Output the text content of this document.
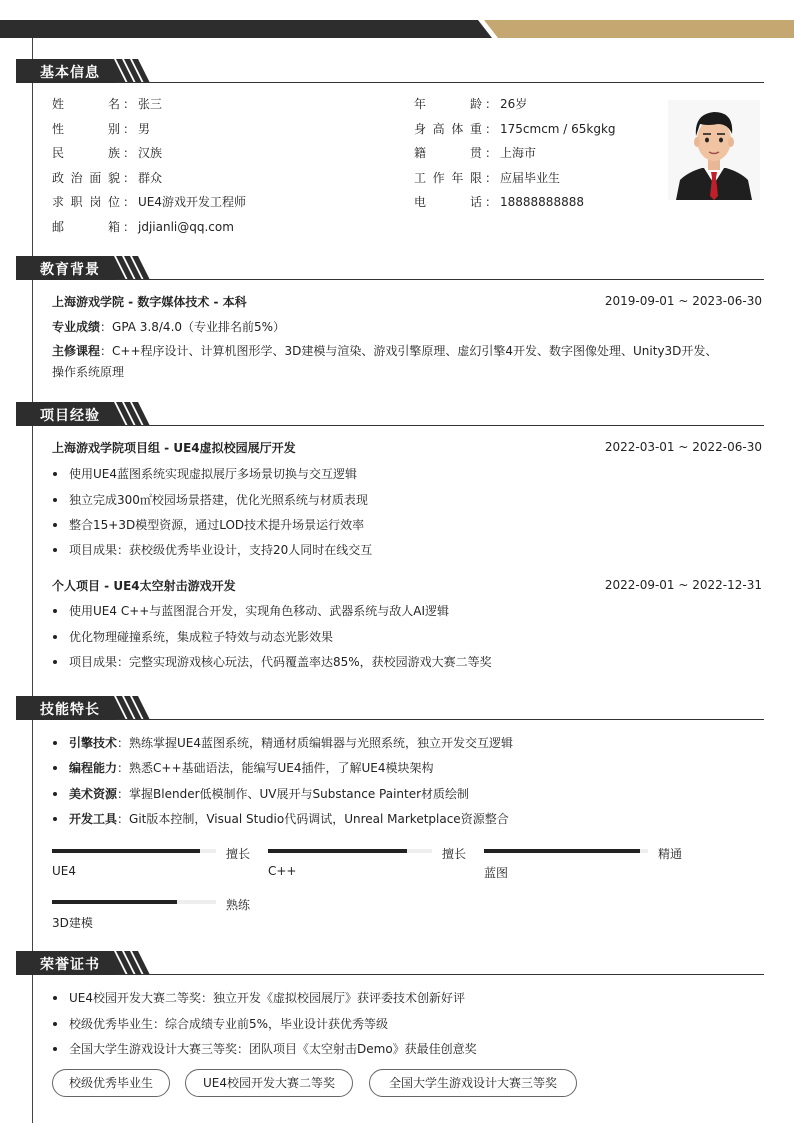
基本信息
姓名 ： 张三
性别 ： 男
民族 ： 汉族
政治面貌 ： 群众
求职岗位 ： UE4游戏开发工程师
邮箱 ： jdjianli@qq.com
年龄 ： 26岁
身高体重 ： 175cmcm / 65kgkg
籍贯 ： 上海市
工作年限 ： 应届毕业生
电话 ： 18888888888
教育背景
上海游戏学院 - 数字媒体技术 - 本科	2019-09-01 ~ 2023-06-30
专业成绩：GPA 3.8/4.0（专业排名前5%）
主修课程：C++程序设计、计算机图形学、3D建模与渲染、游戏引擎原理、虚幻引擎4开发、数字图像处理、Unity3D开发、
操作系统原理
项目经验
上海游戏学院项目组 - UE4虚拟校园展厅开发	2022-03-01 ~ 2022-06-30
使用UE4蓝图系统实现虚拟展厅多场景切换与交互逻辑
独立完成300㎡校园场景搭建，优化光照系统与材质表现
整合15+3D模型资源，通过LOD技术提升场景运行效率
项目成果：获校级优秀毕业设计，支持20人同时在线交互
个人项目 - UE4太空射击游戏开发	2022-09-01 ~ 2022-12-31
使用UE4 C++与蓝图混合开发，实现角色移动、武器系统与敌人AI逻辑
优化物理碰撞系统，集成粒子特效与动态光影效果
项目成果：完整实现游戏核心玩法，代码覆盖率达85%，获校园游戏大赛二等奖
技能特长
引擎技术：熟练掌握UE4蓝图系统，精通材质编辑器与光照系统，独立开发交互逻辑
编程能力：熟悉C++基础语法，能编写UE4插件，了解UE4模块架构
美术资源：掌握Blender低模制作、UV展开与Substance Painter材质绘制
开发工具：Git版本控制，Visual Studio代码调试，Unreal Marketplace资源整合
擅长
UE4
擅长
C++
精通
蓝图
熟练
3D建模
荣誉证书
UE4校园开发大赛二等奖：独立开发《虚拟校园展厅》获评委技术创新好评
校级优秀毕业生：综合成绩专业前5%，毕业设计获优秀等级
全国大学生游戏设计大赛三等奖：团队项目《太空射击Demo》获最佳创意奖
校级优秀毕业生	UE4校园开发大赛二等奖	全国大学生游戏设计大赛三等奖
